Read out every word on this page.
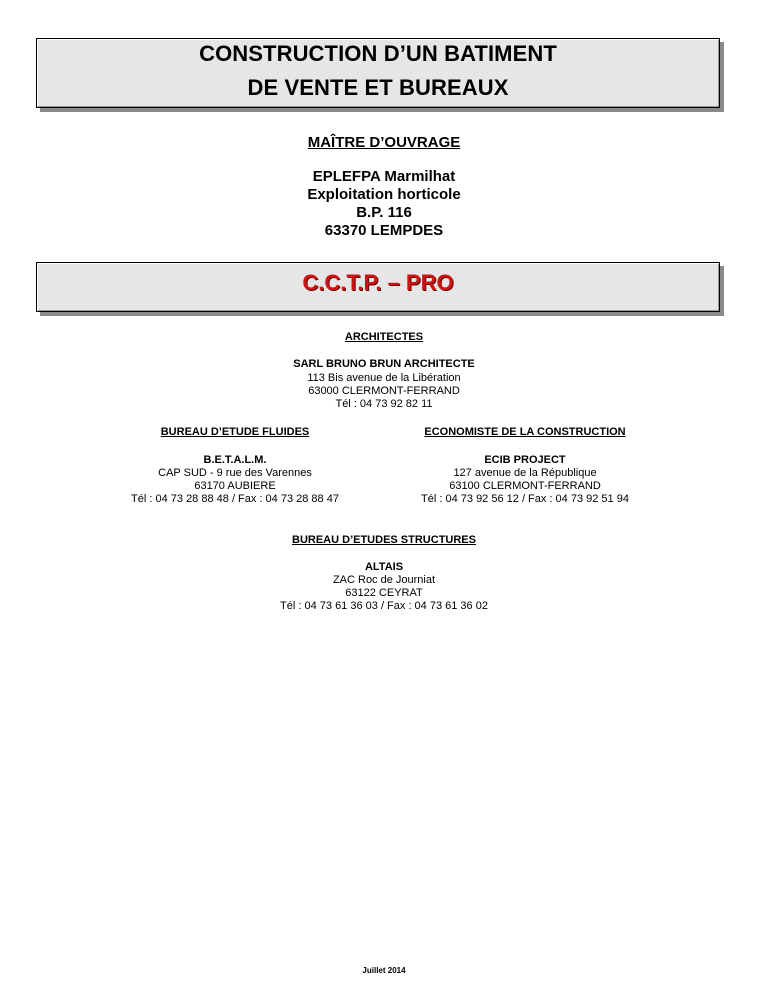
CONSTRUCTION D’UN BATIMENT
DE VENTE ET BUREAUX
MAÎTRE D’OUVRAGE
EPLEFPA Marmilhat
Exploitation horticole
B.P. 116
63370 LEMPDES
C.C.T.P. – PRO
ARCHITECTES
SARL BRUNO BRUN ARCHITECTE
113 Bis avenue de la Libération
63000 CLERMONT-FERRAND
Tél : 04 73 92 82 11
BUREAU D’ETUDE FLUIDES
B.E.T.A.L.M.
CAP SUD - 9 rue des Varennes
63170 AUBIERE
Tél : 04 73 28 88 48 / Fax : 04 73 28 88 47
ECONOMISTE DE LA CONSTRUCTION
ECIB PROJECT
127 avenue de la République
63100 CLERMONT-FERRAND
Tél : 04 73 92 56 12 / Fax : 04 73 92 51 94
BUREAU D’ETUDES STRUCTURES
ALTAIS
ZAC Roc de Journiat
63122 CEYRAT
Tél : 04 73 61 36 03 / Fax : 04 73 61 36 02
Juillet 2014
